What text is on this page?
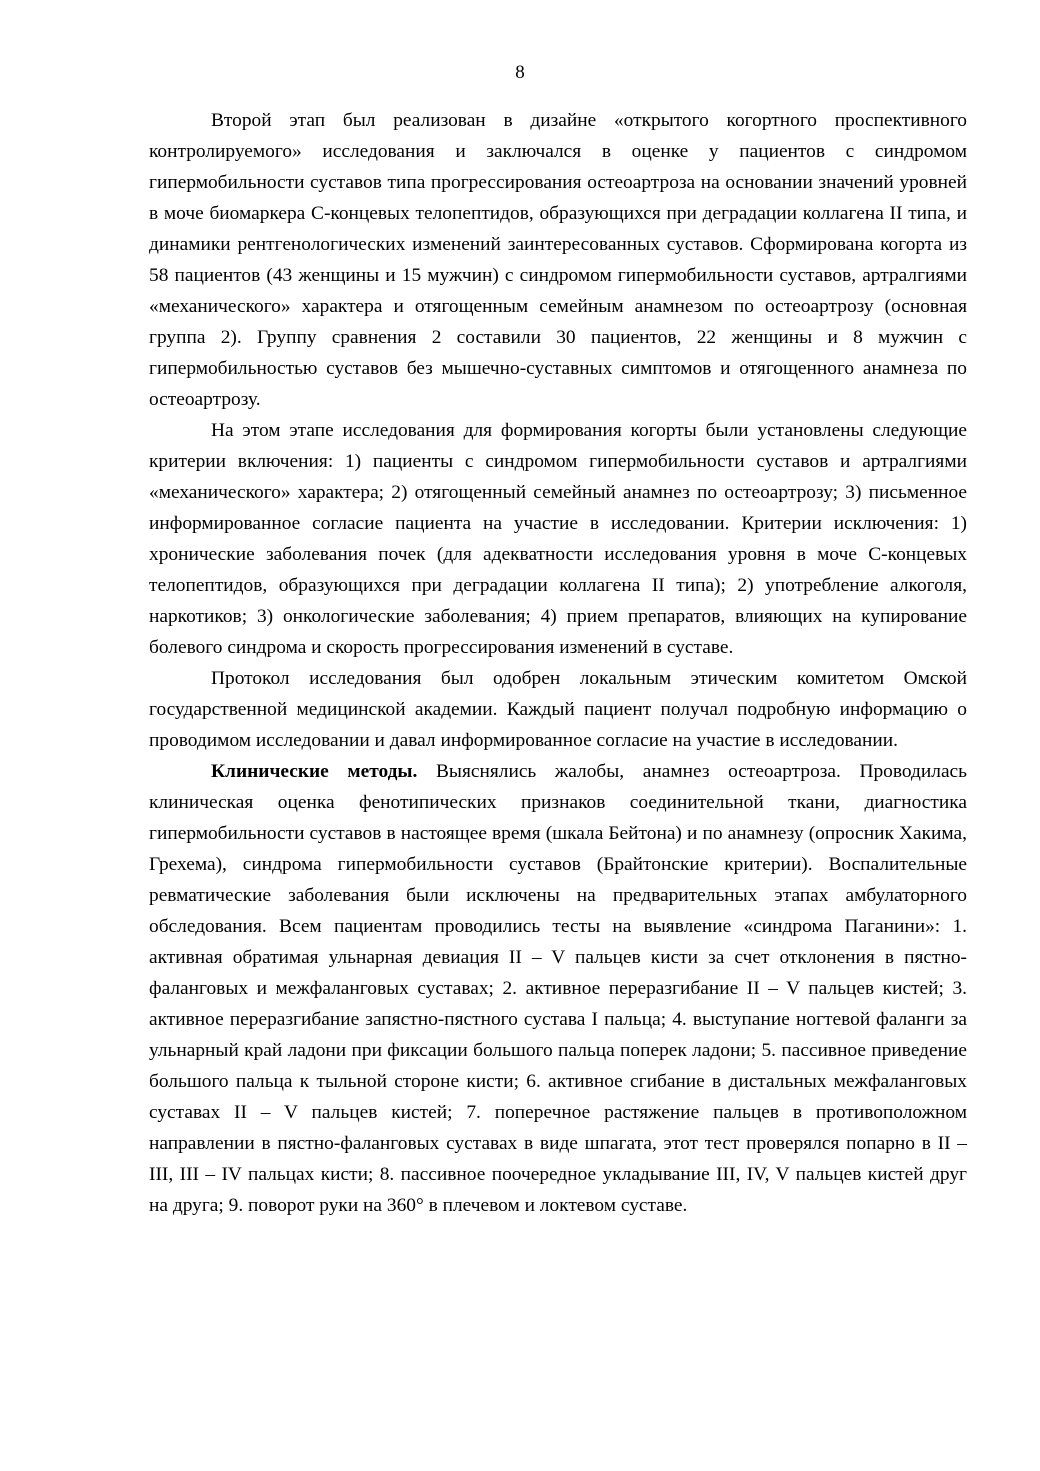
8

Второй этап был реализован в дизайне «открытого когортного проспективного контролируемого» исследования и заключался в оценке у пациентов с синдромом гипермобильности суставов типа прогрессирования остеоартроза на основании значений уровней в моче биомаркера С-концевых телопептидов, образующихся при деградации коллагена II типа, и динамики рентгенологических изменений заинтересованных суставов. Сформирована когорта из 58 пациентов (43 женщины и 15 мужчин) с синдромом гипермобильности суставов, артралгиями «механического» характера и отягощенным семейным анамнезом по остеоартрозу (основная группа 2). Группу сравнения 2 составили 30 пациентов, 22 женщины и 8 мужчин с гипермобильностью суставов без мышечно-суставных симптомов и отягощенного анамнеза по остеоартрозу.

На этом этапе исследования для формирования когорты были установлены следующие критерии включения: 1) пациенты с синдромом гипермобильности суставов и артралгиями «механического» характера; 2) отягощенный семейный анамнез по остеоартрозу; 3) письменное информированное согласие пациента на участие в исследовании. Критерии исключения: 1) хронические заболевания почек (для адекватности исследования уровня в моче С-концевых телопептидов, образующихся при деградации коллагена II типа); 2) употребление алкоголя, наркотиков; 3) онкологические заболевания; 4) прием препаратов, влияющих на купирование болевого синдрома и скорость прогрессирования изменений в суставе.

Протокол исследования был одобрен локальным этическим комитетом Омской государственной медицинской академии. Каждый пациент получал подробную информацию о проводимом исследовании и давал информированное согласие на участие в исследовании.

Клинические методы. Выяснялись жалобы, анамнез остеоартроза. Проводилась клиническая оценка фенотипических признаков соединительной ткани, диагностика гипермобильности суставов в настоящее время (шкала Бейтона) и по анамнезу (опросник Хакима, Грехема), синдрома гипермобильности суставов (Брайтонские критерии). Воспалительные ревматические заболевания были исключены на предварительных этапах амбулаторного обследования. Всем пациентам проводились тесты на выявление «синдрома Паганини»: 1. активная обратимая ульнарная девиация II – V пальцев кисти за счет отклонения в пястно-фаланговых и межфаланговых суставах; 2. активное переразгибание II – V пальцев кистей; 3. активное переразгибание запястно-пястного сустава I пальца; 4. выступание ногтевой фаланги за ульнарный край ладони при фиксации большого пальца поперек ладони; 5. пассивное приведение большого пальца к тыльной стороне кисти; 6. активное сгибание в дистальных межфаланговых суставах II – V пальцев кистей; 7. поперечное растяжение пальцев в противоположном направлении в пястно-фаланговых суставах в виде шпагата, этот тест проверялся попарно в II – III, III – IV пальцах кисти; 8. пассивное поочередное укладывание III, IV, V пальцев кистей друг на друга; 9. поворот руки на 360° в плечевом и локтевом суставе.
